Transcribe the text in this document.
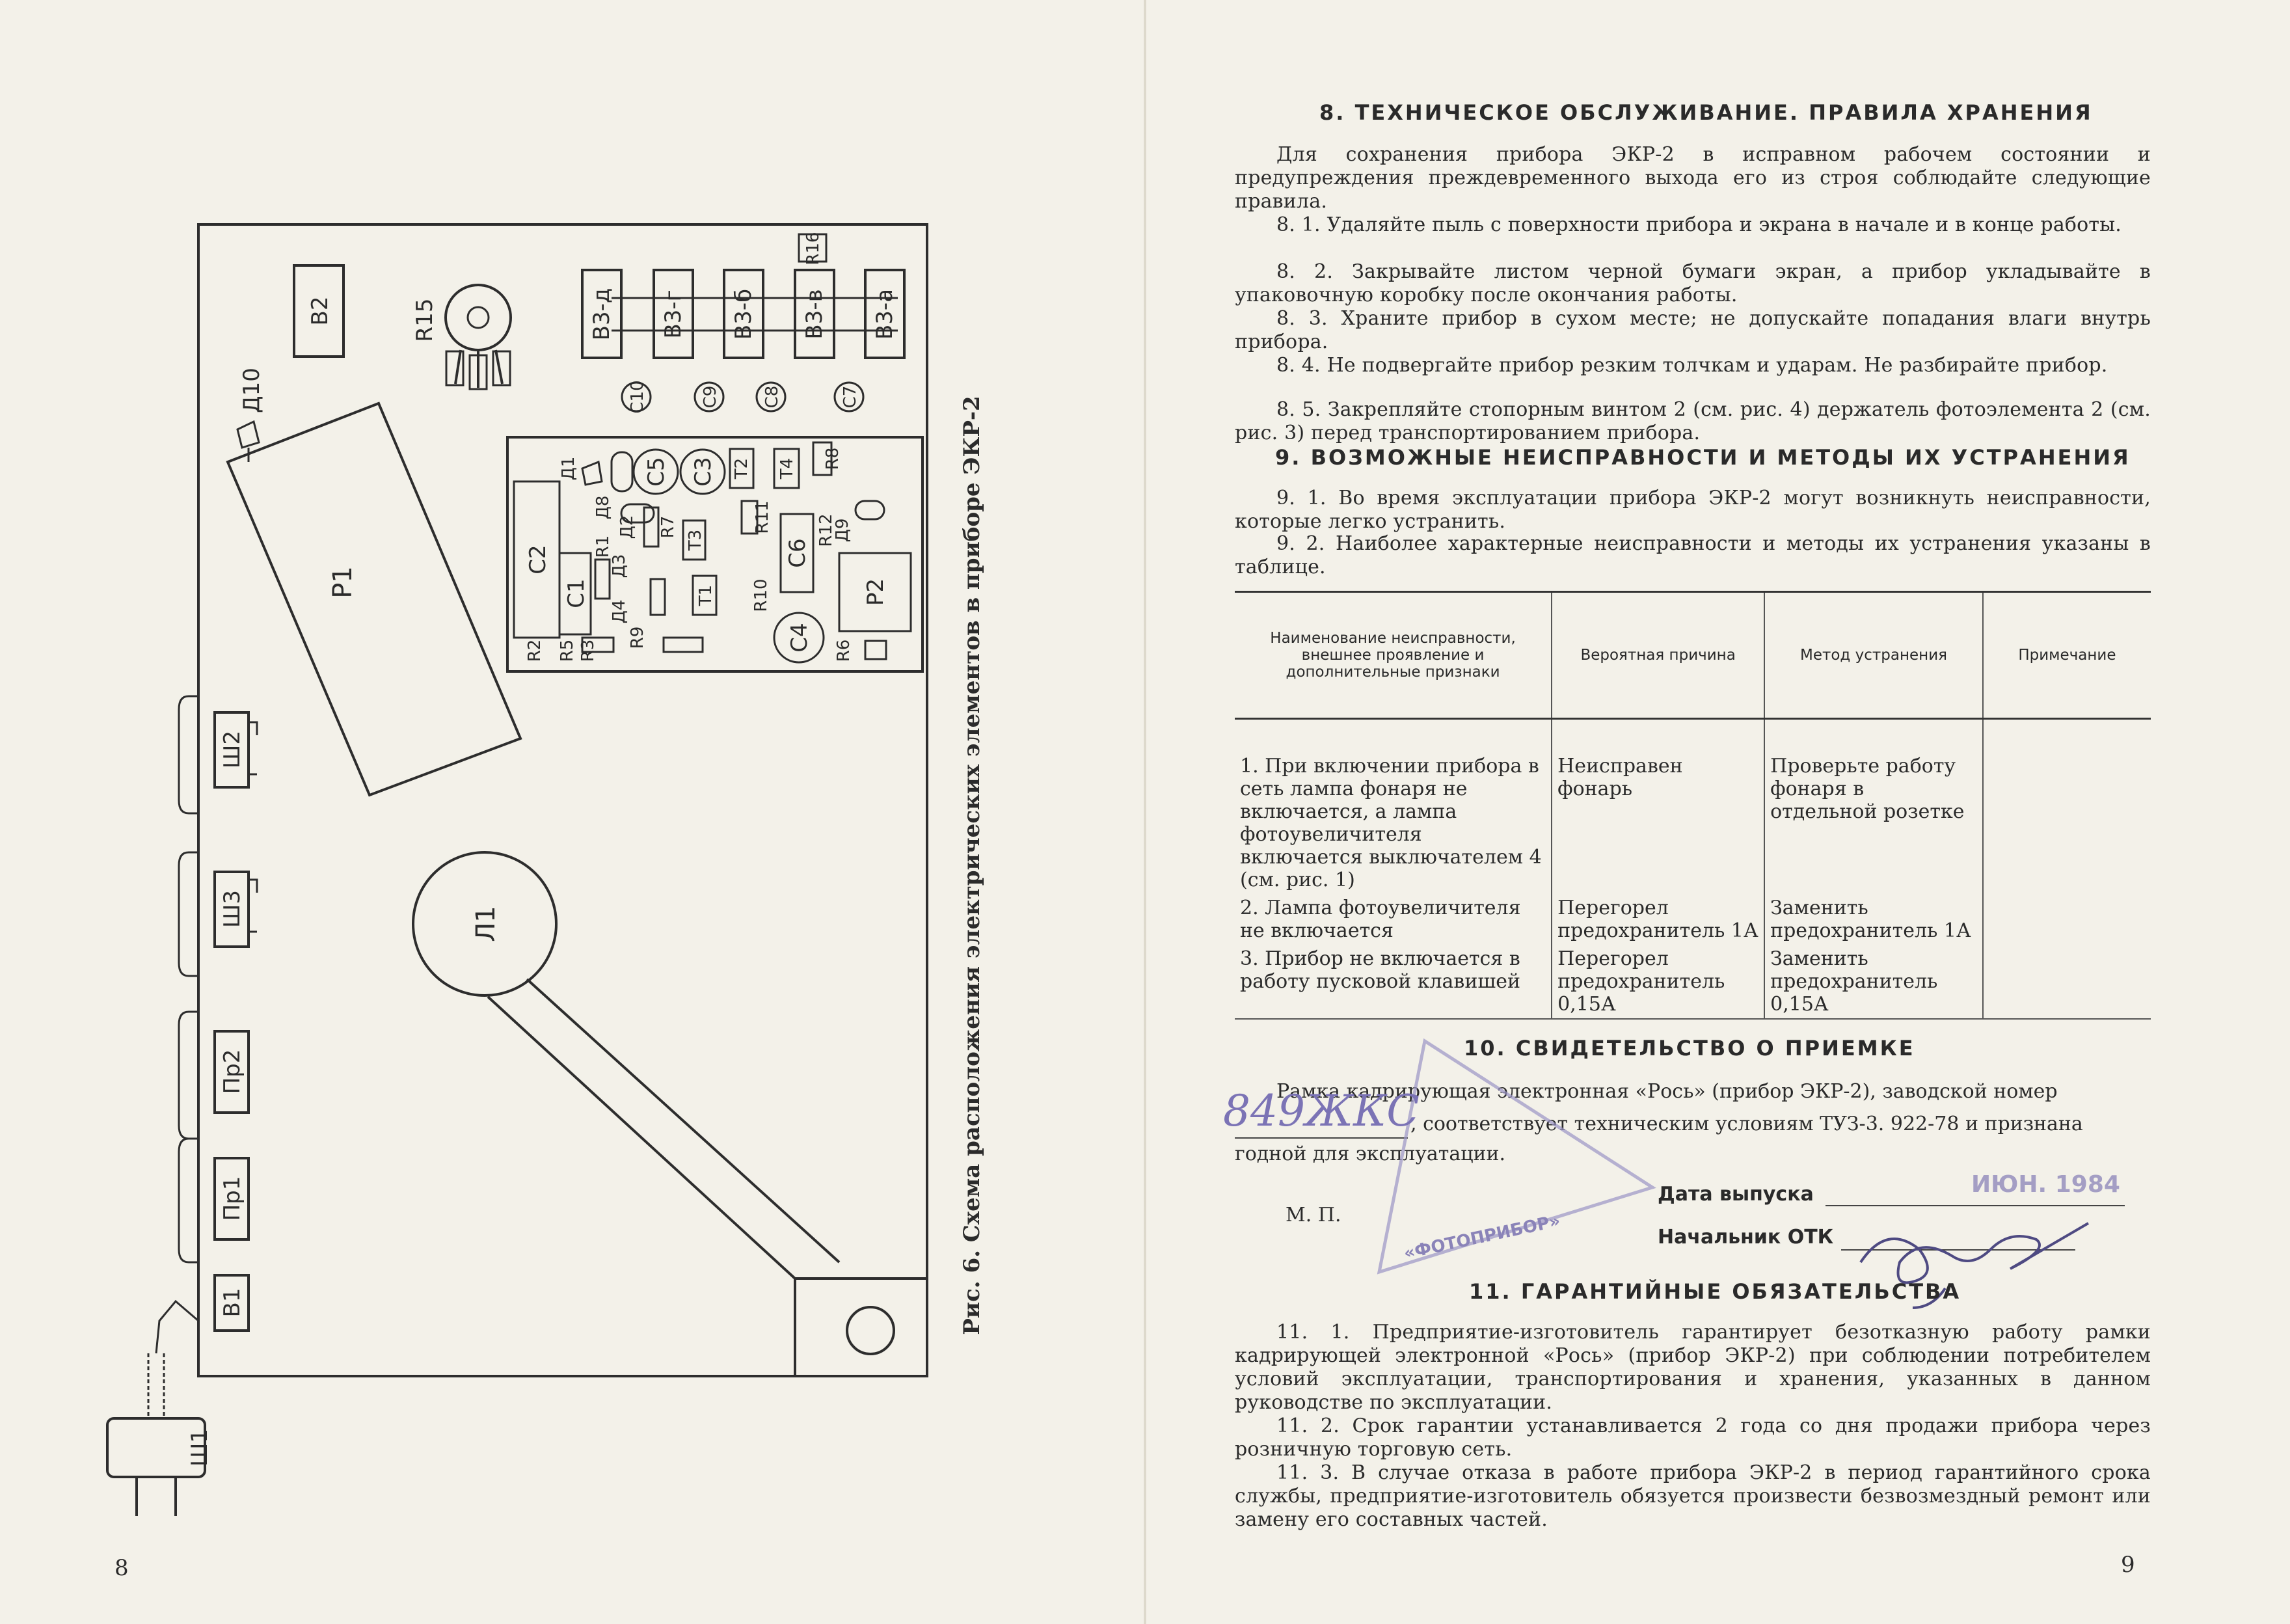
В2	R15
Д10
В3-д В3-г В3-б В3-в В3-а
R16
С10	С9	С8	С7
Р1
С2
С1
R1
Д1
Д8
Д2 R7
С5 С3 Т2 Т4 R8
Т3
R11
С6
R12
Д9
Р2
Т1 R10
С4 R6
R2 R5 R3
Д4
Д3
R9
Л1
Ш2
Ш3
Пр2
Пр1
В1
Ш1
Рис. 6. Схема расположения электрических элементов в приборе ЭКР-2
8
8. ТЕХНИЧЕСКОЕ ОБСЛУЖИВАНИЕ. ПРАВИЛА ХРАНЕНИЯ

Для сохранения прибора ЭКР-2 в исправном рабочем состоянии и предупреждения преждевременного выхода его из строя соблюдайте следующие правила.

8. 1. Удаляйте пыль с поверхности прибора и экрана в начале и в конце работы.

8. 2. Закрывайте листом черной бумаги экран, а прибор укладывайте в упаковочную коробку после окончания работы.

8. 3. Храните прибор в сухом месте; не допускайте попадания влаги внутрь прибора.

8. 4. Не подвергайте прибор резким толчкам и ударам. Не разбирайте прибор.

8. 5. Закрепляйте стопорным винтом 2 (см. рис. 4) держатель фотоэлемента 2 (см. рис. 3) перед транспортированием прибора.

9. ВОЗМОЖНЫЕ НЕИСПРАВНОСТИ И МЕТОДЫ ИХ УСТРАНЕНИЯ

9. 1. Во время эксплуатации прибора ЭКР-2 могут возникнуть неисправности, которые легко устранить.

9. 2. Наиболее характерные неисправности и методы их устранения указаны в таблице.

Наименование неисправности, внешнее проявление и дополнительные признаки	Вероятная причина	Метод устранения	Примечание
1. При включении прибора в сеть лампа фонаря не включается, а лампа фотоувеличителя включается выключателем 4 (см. рис. 1)	Неисправен фонарь	Проверьте работу фонаря в отдельной розетке	
2. Лампа фотоувеличителя не включается	Перегорел предохранитель 1А	Заменить предохранитель 1А	
3. Прибор не включается в работу пусковой клавишей	Перегорел предохранитель 0,15А	Заменить предохранитель 0,15А	
10. СВИДЕТЕЛЬСТВО О ПРИЕМКЕ
Рамка кадрирующая электронная «Рось» (прибор ЭКР-2), заводской номер
, соответствует техническим условиям ТУЗ-3. 922-78 и признана
годной для эксплуатации.
Дата выпуска
М. П.
Начальник ОТК
«ФОТОПРИБОР»
849ЖКС
ИЮН. 1984
11. ГАРАНТИЙНЫЕ ОБЯЗАТЕЛЬСТВА

11. 1. Предприятие-изготовитель гарантирует безотказную работу рамки кадрирующей электронной «Рось» (прибор ЭКР-2) при соблюдении потребителем условий эксплуатации, транспортирования и хранения, указанных в данном руководстве по эксплуатации.

11. 2. Срок гарантии устанавливается 2 года со дня продажи прибора через розничную торговую сеть.

11. 3. В случае отказа в работе прибора ЭКР-2 в период гарантийного срока службы, предприятие-изготовитель обязуется произвести безвозмездный ремонт или замену его составных частей.

9
